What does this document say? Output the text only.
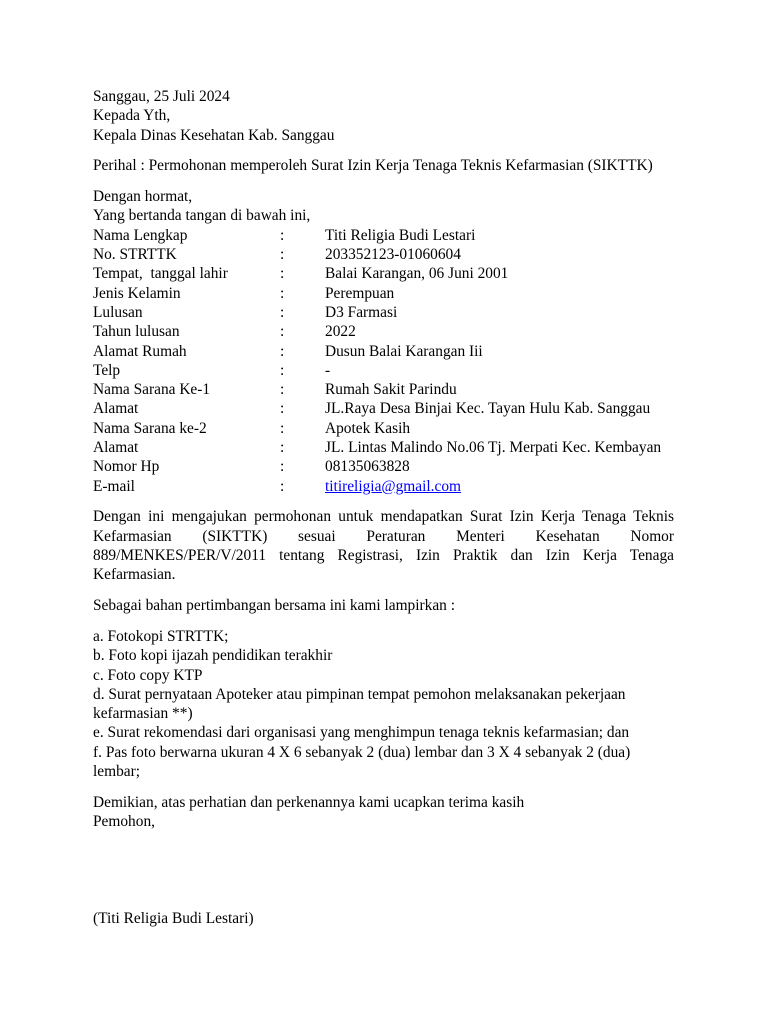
Sanggau, 25 Juli 2024
Kepada Yth,
Kepala Dinas Kesehatan Kab. Sanggau
Perihal : Permohonan memperoleh Surat Izin Kerja Tenaga Teknis Kefarmasian (SIKTTK)
Dengan hormat,
Yang bertanda tangan di bawah ini,
Nama Lengkap	:	Titi Religia Budi Lestari
No. STRTTK	:	203352123-01060604
Tempat,  tanggal lahir	:	Balai Karangan, 06 Juni 2001
Jenis Kelamin	:	Perempuan
Lulusan	:	D3 Farmasi
Tahun lulusan	:	2022
Alamat Rumah	:	Dusun Balai Karangan Iii
Telp	:	-
Nama Sarana Ke-1	:	Rumah Sakit Parindu
Alamat	:	JL.Raya Desa Binjai Kec. Tayan Hulu Kab. Sanggau
Nama Sarana ke-2	:	Apotek Kasih
Alamat	:	JL. Lintas Malindo No.06 Tj. Merpati Kec. Kembayan
Nomor Hp	:	08135063828
E-mail	:	titireligia@gmail.com
Dengan ini mengajukan permohonan untuk mendapatkan Surat Izin Kerja Tenaga Teknis Kefarmasian (SIKTTK) sesuai Peraturan Menteri Kesehatan Nomor 889/MENKES/PER/V/2011 tentang Registrasi, Izin Praktik dan Izin Kerja Tenaga Kefarmasian.
Sebagai bahan pertimbangan bersama ini kami lampirkan :
a. Fotokopi STRTTK;
b. Foto kopi ijazah pendidikan terakhir
c. Foto copy KTP
d. Surat pernyataan Apoteker atau pimpinan tempat pemohon melaksanakan pekerjaan
kefarmasian **)
e. Surat rekomendasi dari organisasi yang menghimpun tenaga teknis kefarmasian; dan
f. Pas foto berwarna ukuran 4 X 6 sebanyak 2 (dua) lembar dan 3 X 4 sebanyak 2 (dua)
lembar;
Demikian, atas perhatian dan perkenannya kami ucapkan terima kasih
Pemohon,
(Titi Religia Budi Lestari)
